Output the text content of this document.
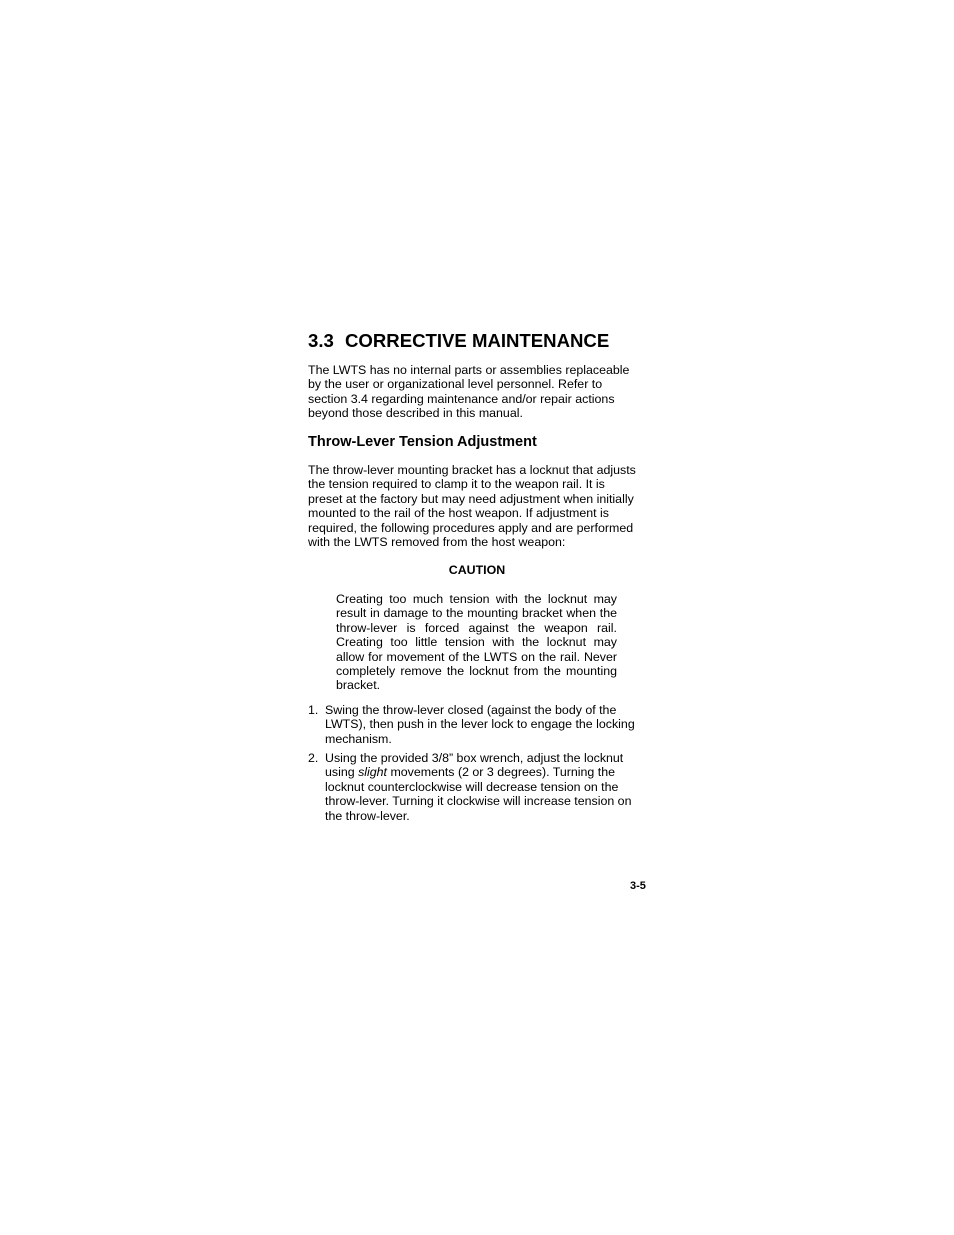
3.3 CORRECTIVE MAINTENANCE

The LWTS has no internal parts or assemblies replaceable by the user or organizational level personnel. Refer to section 3.4 regarding maintenance and/or repair actions beyond those described in this manual.

Throw-Lever Tension Adjustment

The throw-lever mounting bracket has a locknut that adjusts the tension required to clamp it to the weapon rail. It is preset at the factory but may need adjustment when initially mounted to the rail of the host weapon. If adjustment is required, the following procedures apply and are performed with the LWTS removed from the host weapon:

CAUTION

Creating too much tension with the locknut may result in damage to the mounting bracket when the throw-lever is forced against the weapon rail. Creating too little tension with the locknut may allow for movement of the LWTS on the rail. Never completely remove the locknut from the mounting bracket.

1. Swing the throw-lever closed (against the body of the LWTS), then push in the lever lock to engage the locking mechanism.
2. Using the provided 3/8” box wrench, adjust the locknut using slight movements (2 or 3 degrees). Turning the locknut counterclockwise will decrease tension on the throw-lever. Turning it clockwise will increase tension on the throw-lever.
3-5
